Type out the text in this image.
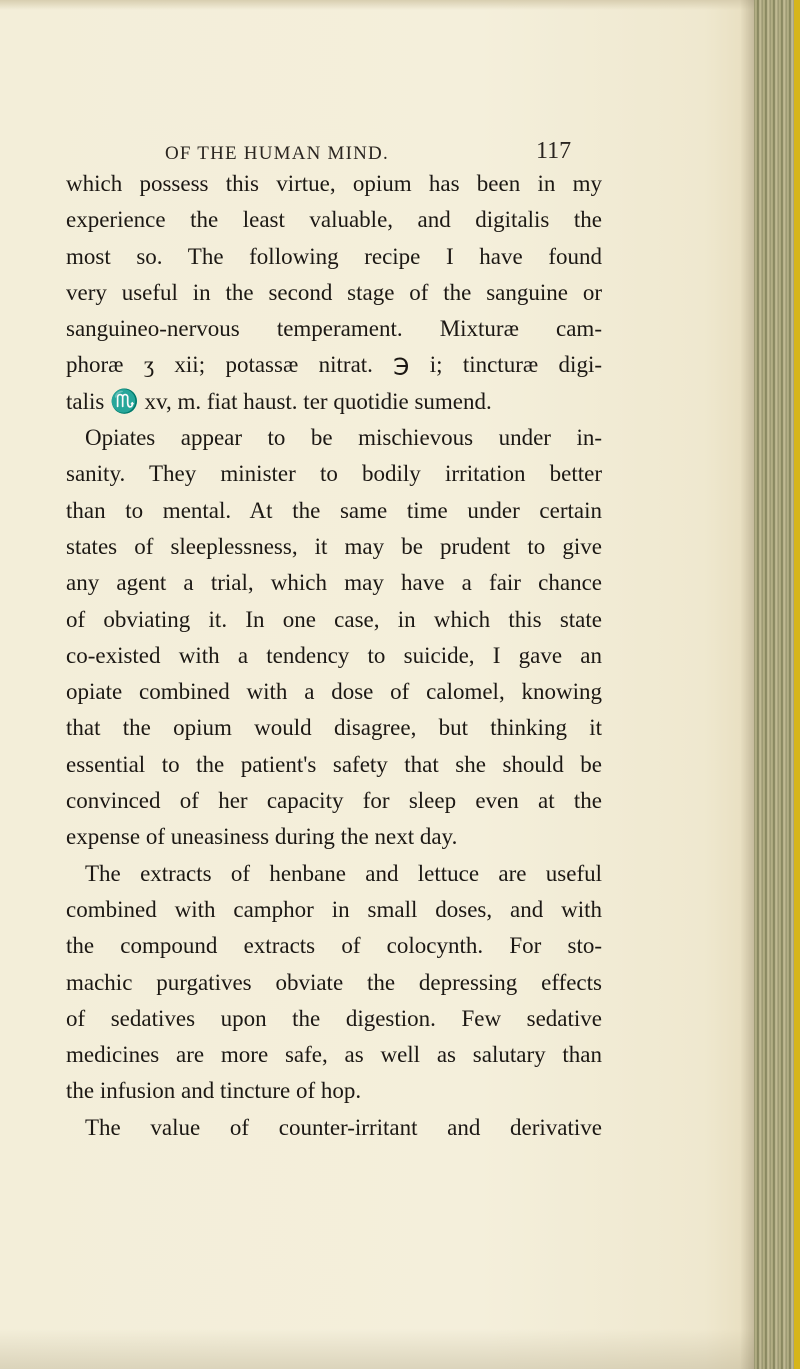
OF THE HUMAN MIND.	117
which possess this virtue, opium has been in my
experience the least valuable, and digitalis the
most so. The following recipe I have found
very useful in the second stage of the sanguine or
sanguineo-nervous temperament. Mixturæ cam-
phoræ ʒ xii; potassæ nitrat. ℈ i; tincturæ digi-
talis ♏ xv, m. fiat haust. ter quotidie sumend.
Opiates appear to be mischievous under in-
sanity. They minister to bodily irritation better
than to mental. At the same time under certain
states of sleeplessness, it may be prudent to give
any agent a trial, which may have a fair chance
of obviating it. In one case, in which this state
co-existed with a tendency to suicide, I gave an
opiate combined with a dose of calomel, knowing
that the opium would disagree, but thinking it
essential to the patient's safety that she should be
convinced of her capacity for sleep even at the
expense of uneasiness during the next day.
The extracts of henbane and lettuce are useful
combined with camphor in small doses, and with
the compound extracts of colocynth. For sto-
machic purgatives obviate the depressing effects
of sedatives upon the digestion. Few sedative
medicines are more safe, as well as salutary than
the infusion and tincture of hop.
The value of counter-irritant and derivative
